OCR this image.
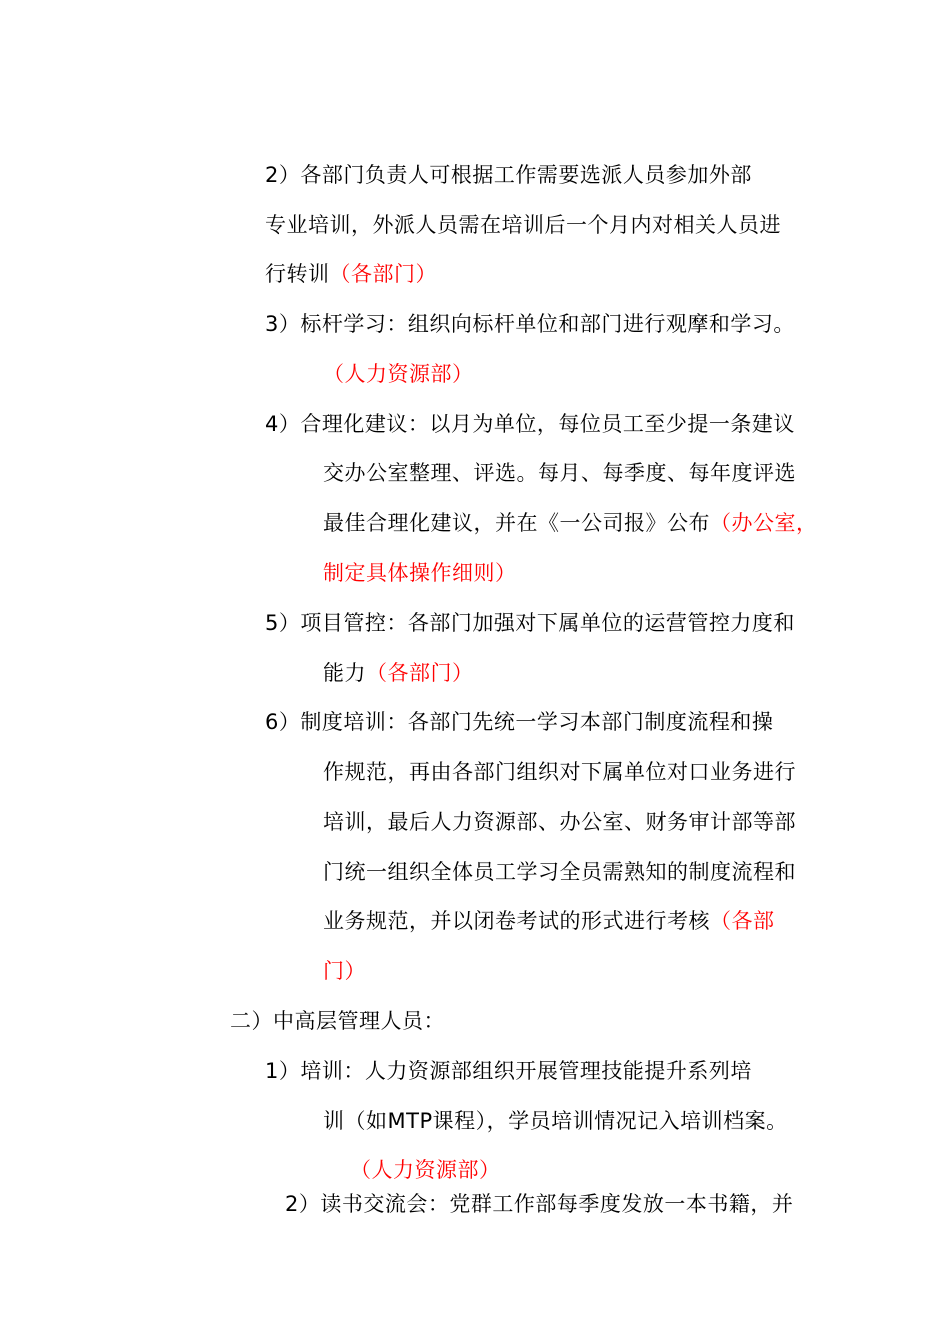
2）各部门负责人可根据工作需要选派人员参加外部
专业培训，外派人员需在培训后一个月内对相关人员进
行转训（各部门）
3）标杆学习：组织向标杆单位和部门进行观摩和学习。
（人力资源部）
4）合理化建议：以月为单位，每位员工至少提一条建议
交办公室整理、评选。每月、每季度、每年度评选
最佳合理化建议，并在《一公司报》公布（办公室，
制定具体操作细则）
5）项目管控：各部门加强对下属单位的运营管控力度和
能力（各部门）
6）制度培训：各部门先统一学习本部门制度流程和操
作规范，再由各部门组织对下属单位对口业务进行
培训，最后人力资源部、办公室、财务审计部等部
门统一组织全体员工学习全员需熟知的制度流程和
业务规范，并以闭卷考试的形式进行考核（各部
门）
二）中高层管理人员：
1）培训：人力资源部组织开展管理技能提升系列培
训（如MTP课程），学员培训情况记入培训档案。
（人力资源部）
2）读书交流会：党群工作部每季度发放一本书籍，并
